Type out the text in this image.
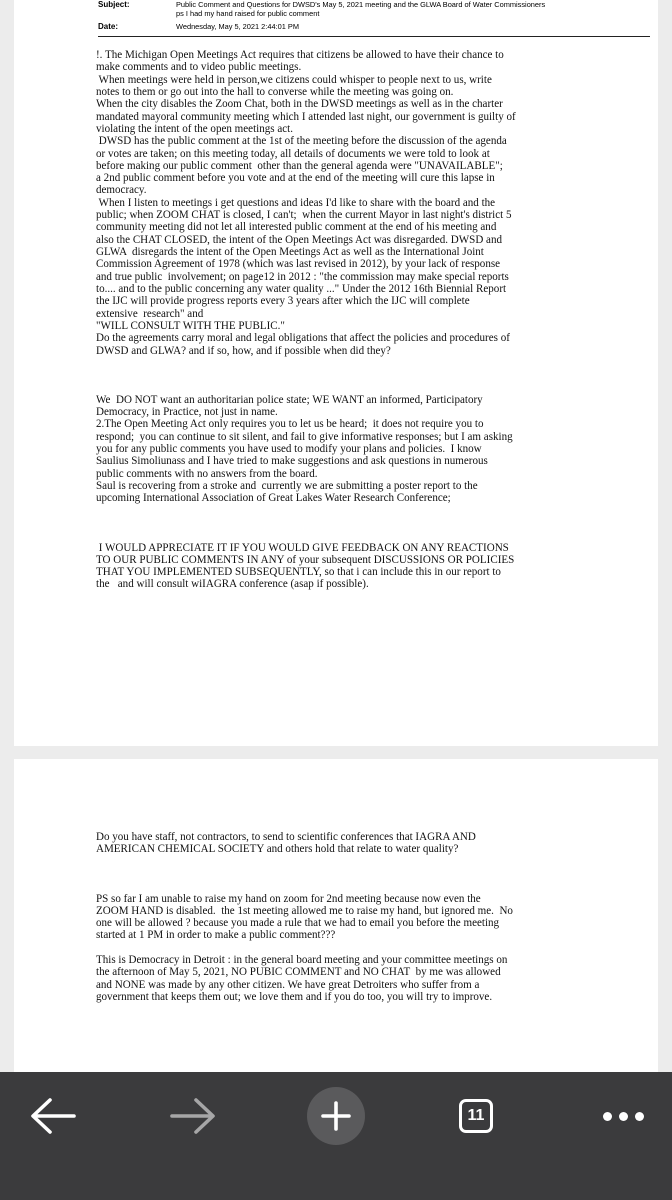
Subject:	Public Comment and Questions for DWSD's May 5, 2021 meeting and the GLWA Board of Water Commissioners
ps I had my hand raised for public comment
Date:	Wednesday, May 5, 2021 2:44:01 PM
!. The Michigan Open Meetings Act requires that citizens be allowed to have their chance to
make comments and to video public meetings.
When meetings were held in person,we citizens could whisper to people next to us, write
notes to them or go out into the hall to converse while the meeting was going on.
When the city disables the Zoom Chat, both in the DWSD meetings as well as in the charter
mandated mayoral community meeting which I attended last night, our government is guilty of
violating the intent of the open meetings act.
DWSD has the public comment at the 1st of the meeting before the discussion of the agenda
or votes are taken; on this meeting today, all details of documents we were told to look at
before making our public comment  other than the general agenda were "UNAVAILABLE";
a 2nd public comment before you vote and at the end of the meeting will cure this lapse in
democracy.
When I listen to meetings i get questions and ideas I'd like to share with the board and the
public; when ZOOM CHAT is closed, I can't;  when the current Mayor in last night's district 5
community meeting did not let all interested public comment at the end of his meeting and
also the CHAT CLOSED, the intent of the Open Meetings Act was disregarded. DWSD and
GLWA  disregards the intent of the Open Meetings Act as well as the International Joint
Commission Agreement of 1978 (which was last revised in 2012), by your lack of response
and true public  involvement; on page12 in 2012 : "the commission may make special reports
to.... and to the public concerning any water quality ..." Under the 2012 16th Biennial Report
the IJC will provide progress reports every 3 years after which the IJC will complete
extensive  research" and
"WILL CONSULT WITH THE PUBLIC."
Do the agreements carry moral and legal obligations that affect the policies and procedures of
DWSD and GLWA? and if so, how, and if possible when did they?
We  DO NOT want an authoritarian police state; WE WANT an informed, Participatory
Democracy, in Practice, not just in name.
2.The Open Meeting Act only requires you to let us be heard;  it does not require you to
respond;  you can continue to sit silent, and fail to give informative responses; but I am asking
you for any public comments you have used to modify your plans and policies.  I know
Saulius Simoliunass and I have tried to make suggestions and ask questions in numerous
public comments with no answers from the board.
Saul is recovering from a stroke and  currently we are submitting a poster report to the
upcoming International Association of Great Lakes Water Research Conference;
I WOULD APPRECIATE IT IF YOU WOULD GIVE FEEDBACK ON ANY REACTIONS
TO OUR PUBLIC COMMENTS IN ANY of your subsequent DISCUSSIONS OR POLICIES
THAT YOU IMPLEMENTED SUBSEQUENTLY, so that i can include this in our report to
the   and will consult wiIAGRA conference (asap if possible).
Do you have staff, not contractors, to send to scientific conferences that IAGRA AND
AMERICAN CHEMICAL SOCIETY and others hold that relate to water quality?
PS so far I am unable to raise my hand on zoom for 2nd meeting because now even the
ZOOM HAND is disabled.  the 1st meeting allowed me to raise my hand, but ignored me.  No
one will be allowed ? because you made a rule that we had to email you before the meeting
started at 1 PM in order to make a public comment???
This is Democracy in Detroit : in the general board meeting and your committee meetings on
the afternoon of May 5, 2021, NO PUBIC COMMENT and NO CHAT  by me was allowed
and NONE was made by any other citizen. We have great Detroiters who suffer from a
government that keeps them out; we love them and if you do too, you will try to improve.
11
